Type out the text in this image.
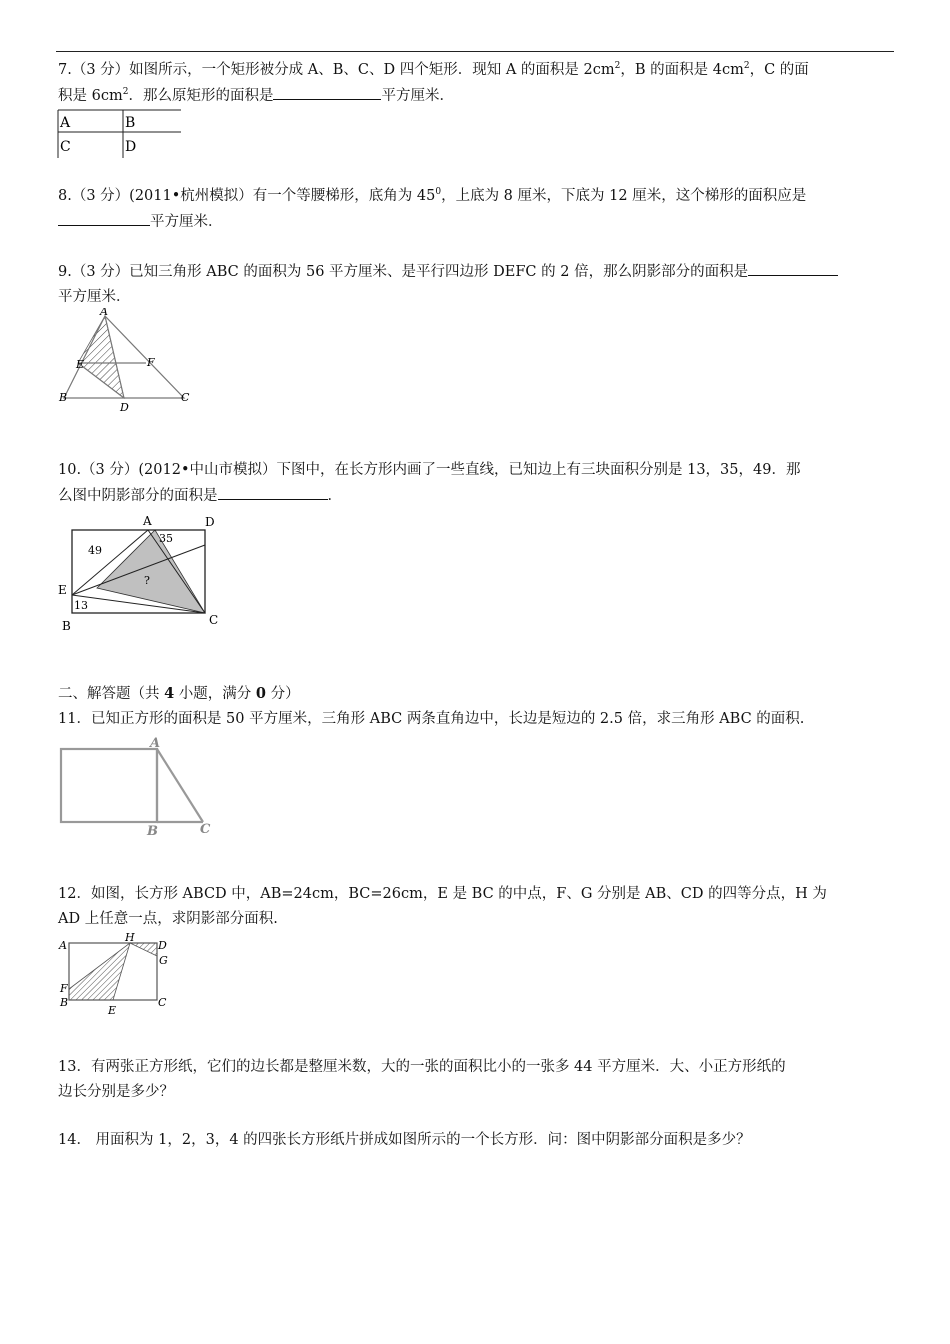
7.（3 分）如图所示，一个矩形被分成 A、B、C、D 四个矩形．现知 A 的面积是 $2cm^2$，B 的面积是 $4cm^2$，C 的面
积是 $6cm^2$．那么原矩形的面积是	平方厘米．
A	B
C	D
8.（3 分）(2011•杭州模拟）有一个等腰梯形，底角为 $45^0$，上底为 8 厘米，下底为 12 厘米，这个梯形的面积应是
平方厘米．
9.（3 分）已知三角形 ABC 的面积为 56 平方厘米、是平行四边形 DEFC 的 2 倍，那么阴影部分的面积是
平方厘米．
A
E	F
B
D
C
10.（3 分）(2012•中山市模拟）下图中，在长方形内画了一些直线，已知边上有三块面积分别是 13，35，49．那
么图中阴影部分的面积是	．
A	D
E
B	C
49
35
13
?
二、解答题（共 4 小题，满分 0 分）
11．已知正方形的面积是 50 平方厘米，三角形 ABC 两条直角边中，长边是短边的 2.5 倍，求三角形 ABC 的面积.
A
B	C
12．如图，长方形 ABCD 中，AB=24cm，BC=26cm，E 是 BC 的中点，F、G 分别是 AB、CD 的四等分点，H 为
AD 上任意一点，求阴影部分面积.
A
H
D
G
F
B
E
C
13．有两张正方形纸，它们的边长都是整厘米数，大的一张的面积比小的一张多 44 平方厘米．大、小正方形纸的
边长分别是多少？
14． 用面积为 1，2，3，4 的四张长方形纸片拼成如图所示的一个长方形．问：图中阴影部分面积是多少？
